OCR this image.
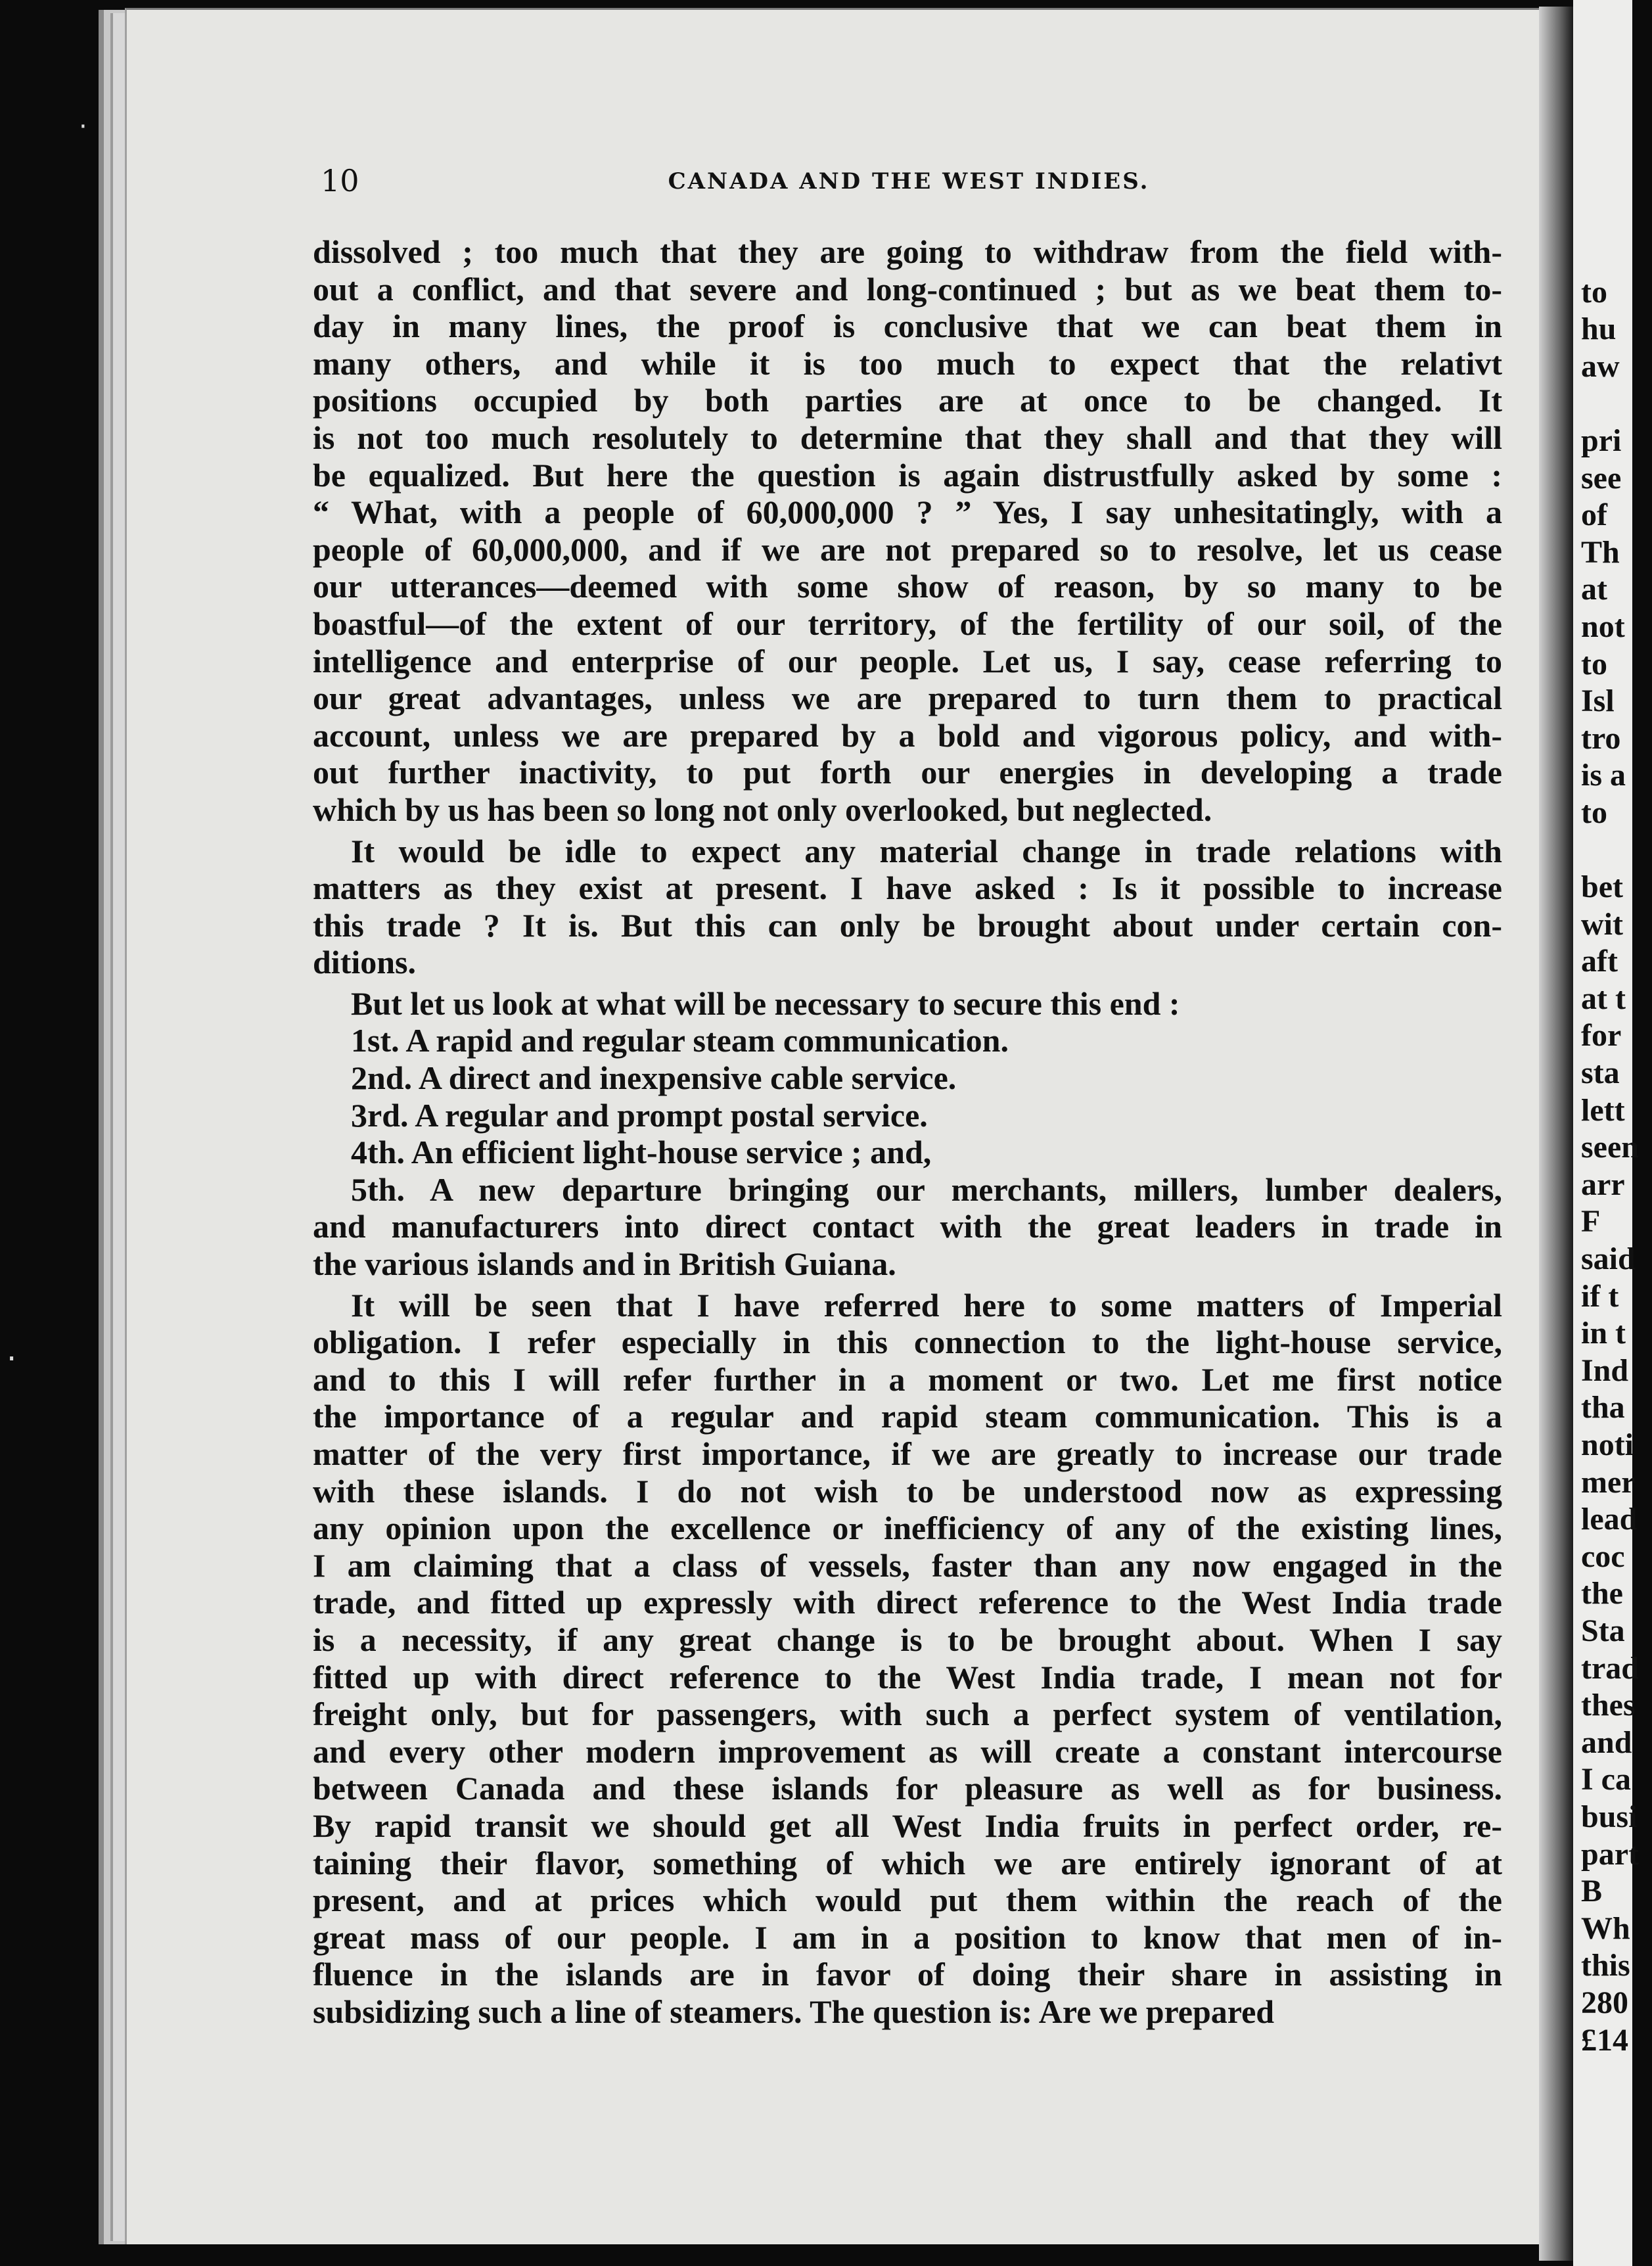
10	CANADA AND THE WEST INDIES.
dissolved ; too much that they are going to withdraw from the field with-
out a conflict, and that severe and long-continued ; but as we beat them to-
day in many lines, the proof is conclusive that we can beat them in
many others, and while it is too much to expect that the relativt
positions occupied by both parties are at once to be changed. It
is not too much resolutely to determine that they shall and that they will
be equalized. But here the question is again distrustfully asked by some :
“ What, with a people of 60,000,000 ? ” Yes, I say unhesitatingly, with a
people of 60,000,000, and if we are not prepared so to resolve, let us cease
our utterances—deemed with some show of reason, by so many to be
boastful—of the extent of our territory, of the fertility of our soil, of the
intelligence and enterprise of our people. Let us, I say, cease referring to
our great advantages, unless we are prepared to turn them to practical
account, unless we are prepared by a bold and vigorous policy, and with-
out further inactivity, to put forth our energies in developing a trade
which by us has been so long not only overlooked, but neglected.
It would be idle to expect any material change in trade relations with
matters as they exist at present. I have asked : Is it possible to increase
this trade ? It is. But this can only be brought about under certain con-
ditions.
But let us look at what will be necessary to secure this end :
1st. A rapid and regular steam communication.
2nd. A direct and inexpensive cable service.
3rd. A regular and prompt postal service.
4th. An efficient light-house service ; and,
5th. A new departure bringing our merchants, millers, lumber dealers,
and manufacturers into direct contact with the great leaders in trade in
the various islands and in British Guiana.
It will be seen that I have referred here to some matters of Imperial
obligation. I refer especially in this connection to the light-house service,
and to this I will refer further in a moment or two. Let me first notice
the importance of a regular and rapid steam communication. This is a
matter of the very first importance, if we are greatly to increase our trade
with these islands. I do not wish to be understood now as expressing
any opinion upon the excellence or inefficiency of any of the existing lines,
I am claiming that a class of vessels, faster than any now engaged in the
trade, and fitted up expressly with direct reference to the West India trade
is a necessity, if any great change is to be brought about. When I say
fitted up with direct reference to the West India trade, I mean not for
freight only, but for passengers, with such a perfect system of ventilation,
and every other modern improvement as will create a constant intercourse
between Canada and these islands for pleasure as well as for business.
By rapid transit we should get all West India fruits in perfect order, re-
taining their flavor, something of which we are entirely ignorant of at
present, and at prices which would put them within the reach of the
great mass of our people. I am in a position to know that men of in-
fluence in the islands are in favor of doing their share in assisting in
subsidizing such a line of steamers. The question is: Are we prepared

to
hu
aw

pri
see
of
Th
at
not
to
Isl
tro
is a
to

bet
wit
aft
at t
for
sta
lett
seen
arr
F
said
if t
in t
Ind
tha
noti
mer
lead
coc
the
Sta
trad
thes
and
I ca
busi
part
B
Wh
this
280
£14
·
·
